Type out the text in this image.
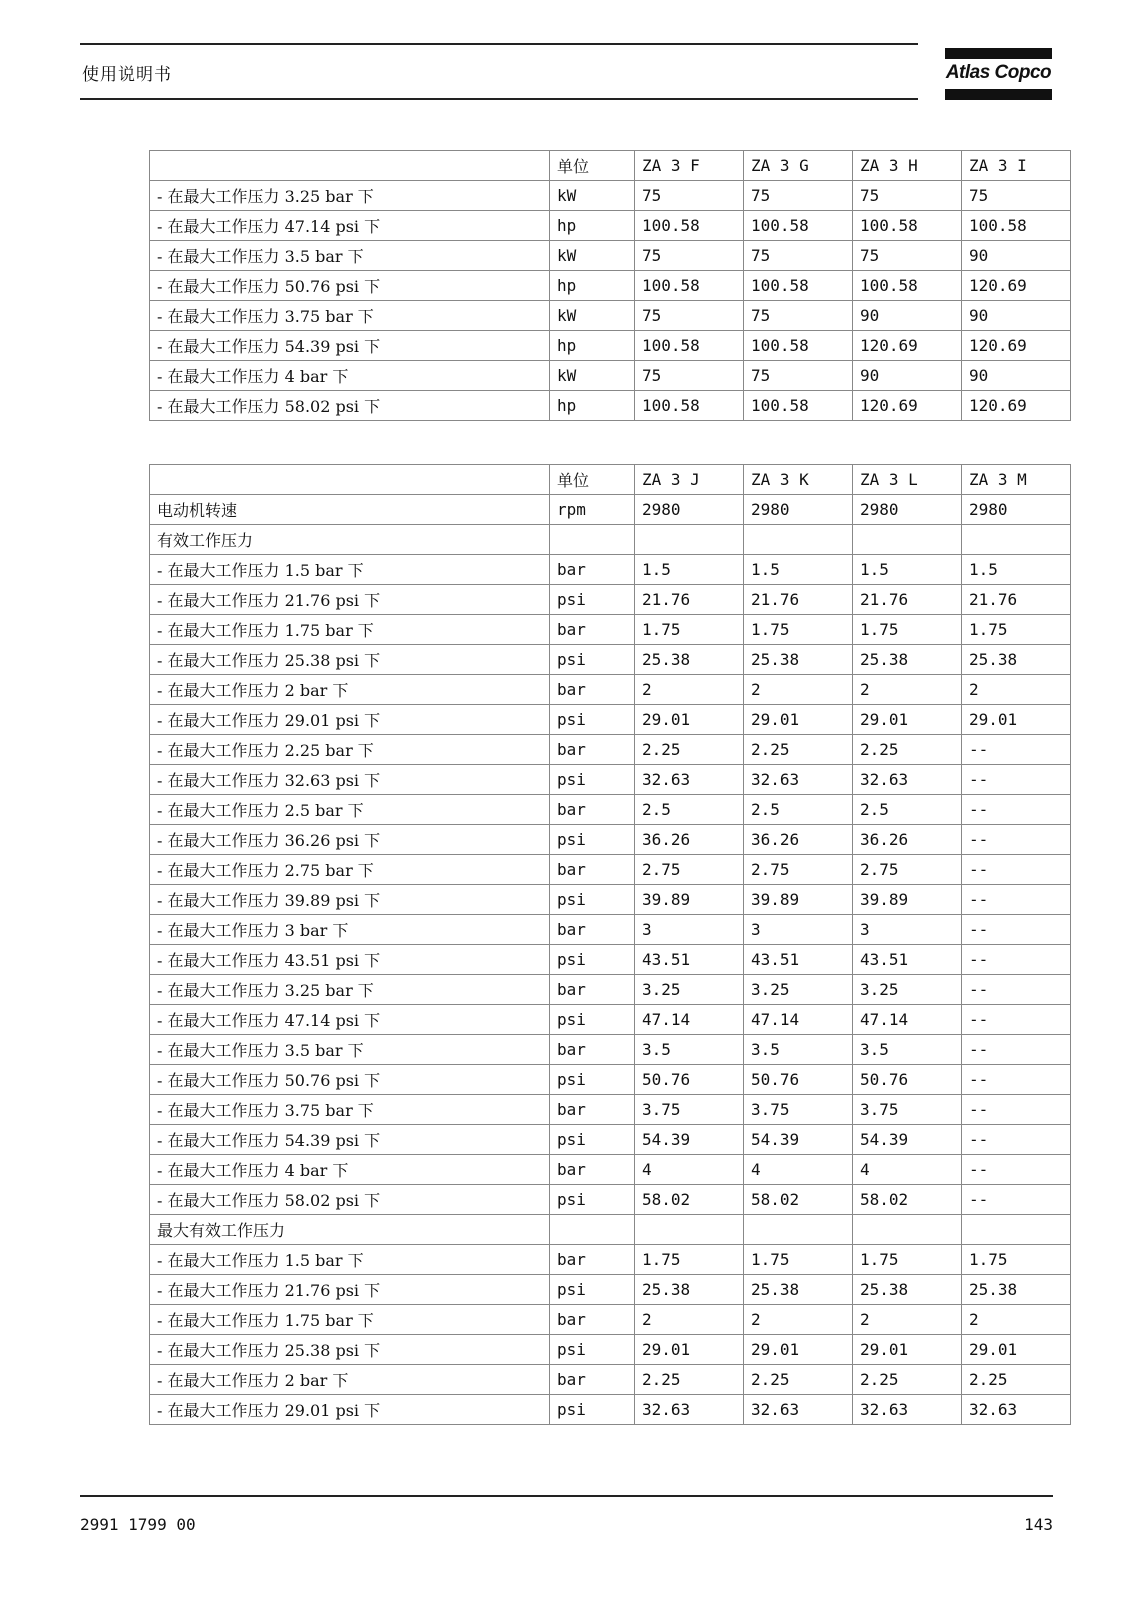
使用说明书	Atlas Copco
	单位	ZA 3 F	ZA 3 G	ZA 3 H	ZA 3 I
- 在最大工作压力 3.25 bar 下	kW	75	75	75	75
- 在最大工作压力 47.14 psi 下	hp	100.58	100.58	100.58	100.58
- 在最大工作压力 3.5 bar 下	kW	75	75	75	90
- 在最大工作压力 50.76 psi 下	hp	100.58	100.58	100.58	120.69
- 在最大工作压力 3.75 bar 下	kW	75	75	90	90
- 在最大工作压力 54.39 psi 下	hp	100.58	100.58	120.69	120.69
- 在最大工作压力 4 bar 下	kW	75	75	90	90
- 在最大工作压力 58.02 psi 下	hp	100.58	100.58	120.69	120.69
	单位	ZA 3 J	ZA 3 K	ZA 3 L	ZA 3 M
电动机转速	rpm	2980	2980	2980	2980
有效工作压力					
- 在最大工作压力 1.5 bar 下	bar	1.5	1.5	1.5	1.5
- 在最大工作压力 21.76 psi 下	psi	21.76	21.76	21.76	21.76
- 在最大工作压力 1.75 bar 下	bar	1.75	1.75	1.75	1.75
- 在最大工作压力 25.38 psi 下	psi	25.38	25.38	25.38	25.38
- 在最大工作压力 2 bar 下	bar	2	2	2	2
- 在最大工作压力 29.01 psi 下	psi	29.01	29.01	29.01	29.01
- 在最大工作压力 2.25 bar 下	bar	2.25	2.25	2.25	--
- 在最大工作压力 32.63 psi 下	psi	32.63	32.63	32.63	--
- 在最大工作压力 2.5 bar 下	bar	2.5	2.5	2.5	--
- 在最大工作压力 36.26 psi 下	psi	36.26	36.26	36.26	--
- 在最大工作压力 2.75 bar 下	bar	2.75	2.75	2.75	--
- 在最大工作压力 39.89 psi 下	psi	39.89	39.89	39.89	--
- 在最大工作压力 3 bar 下	bar	3	3	3	--
- 在最大工作压力 43.51 psi 下	psi	43.51	43.51	43.51	--
- 在最大工作压力 3.25 bar 下	bar	3.25	3.25	3.25	--
- 在最大工作压力 47.14 psi 下	psi	47.14	47.14	47.14	--
- 在最大工作压力 3.5 bar 下	bar	3.5	3.5	3.5	--
- 在最大工作压力 50.76 psi 下	psi	50.76	50.76	50.76	--
- 在最大工作压力 3.75 bar 下	bar	3.75	3.75	3.75	--
- 在最大工作压力 54.39 psi 下	psi	54.39	54.39	54.39	--
- 在最大工作压力 4 bar 下	bar	4	4	4	--
- 在最大工作压力 58.02 psi 下	psi	58.02	58.02	58.02	--
最大有效工作压力					
- 在最大工作压力 1.5 bar 下	bar	1.75	1.75	1.75	1.75
- 在最大工作压力 21.76 psi 下	psi	25.38	25.38	25.38	25.38
- 在最大工作压力 1.75 bar 下	bar	2	2	2	2
- 在最大工作压力 25.38 psi 下	psi	29.01	29.01	29.01	29.01
- 在最大工作压力 2 bar 下	bar	2.25	2.25	2.25	2.25
- 在最大工作压力 29.01 psi 下	psi	32.63	32.63	32.63	32.63
2991 1799 00	143
